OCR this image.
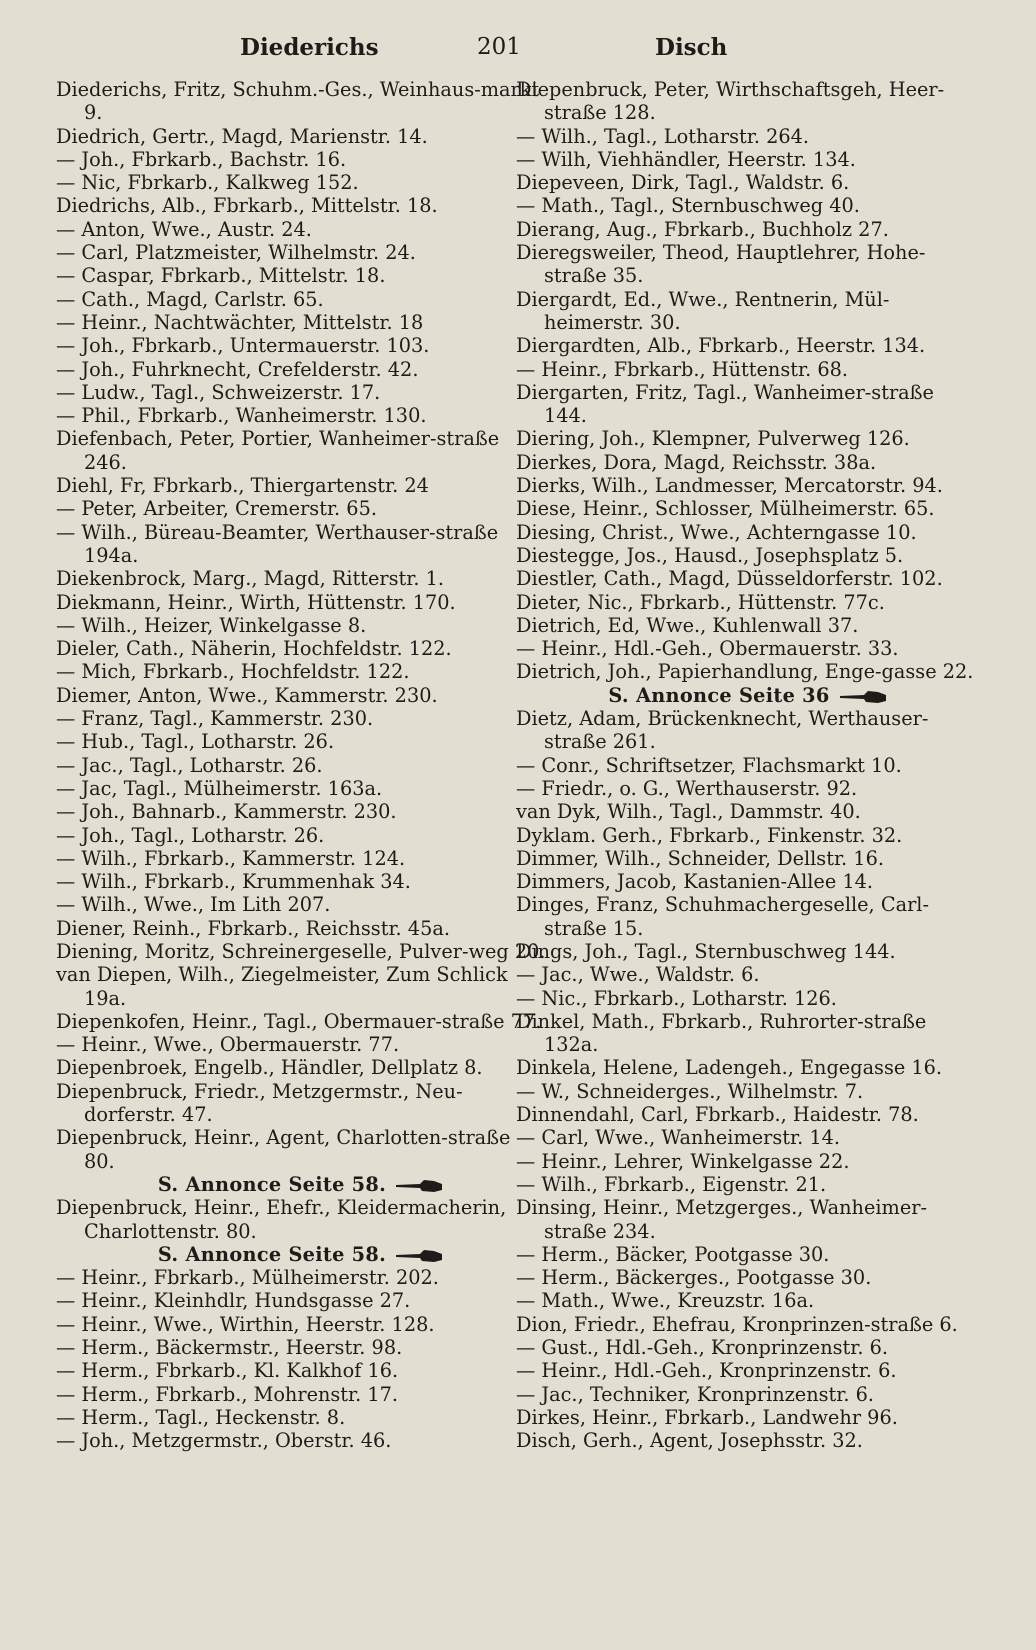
Diederichs	201	Disch

Diederichs, Fritz, Schuhm.-Ges., Weinhaus-markt 9.

Diedrich, Gertr., Magd, Marienstr. 14.

— Joh., Fbrkarb., Bachstr. 16.

— Nic, Fbrkarb., Kalkweg 152.

Diedrichs, Alb., Fbrkarb., Mittelstr. 18.

— Anton, Wwe., Austr. 24.

— Carl, Platzmeister, Wilhelmstr. 24.

— Caspar, Fbrkarb., Mittelstr. 18.

— Cath., Magd, Carlstr. 65.

— Heinr., Nachtwächter, Mittelstr. 18

— Joh., Fbrkarb., Untermauerstr. 103.

— Joh., Fuhrknecht, Crefelderstr. 42.

— Ludw., Tagl., Schweizerstr. 17.

— Phil., Fbrkarb., Wanheimerstr. 130.

Diefenbach, Peter, Portier, Wanheimer-straße 246.

Diehl, Fr, Fbrkarb., Thiergartenstr. 24

— Peter, Arbeiter, Cremerstr. 65.

— Wilh., Büreau-Beamter, Werthauser-straße 194a.

Diekenbrock, Marg., Magd, Ritterstr. 1.

Diekmann, Heinr., Wirth, Hüttenstr. 170.

— Wilh., Heizer, Winkelgasse 8.

Dieler, Cath., Näherin, Hochfeldstr. 122.

— Mich, Fbrkarb., Hochfeldstr. 122.

Diemer, Anton, Wwe., Kammerstr. 230.

— Franz, Tagl., Kammerstr. 230.

— Hub., Tagl., Lotharstr. 26.

— Jac., Tagl., Lotharstr. 26.

— Jac, Tagl., Mülheimerstr. 163a.

— Joh., Bahnarb., Kammerstr. 230.

— Joh., Tagl., Lotharstr. 26.

— Wilh., Fbrkarb., Kammerstr. 124.

— Wilh., Fbrkarb., Krummenhak 34.

— Wilh., Wwe., Im Lith 207.

Diener, Reinh., Fbrkarb., Reichsstr. 45a.

Diening, Moritz, Schreinergeselle, Pulver-weg 20.

van Diepen, Wilh., Ziegelmeister, Zum Schlick 19a.

Diepenkofen, Heinr., Tagl., Obermauer-straße 77.

— Heinr., Wwe., Obermauerstr. 77.

Diepenbroek, Engelb., Händler, Dellplatz 8.

Diepenbruck, Friedr., Metzgermstr., Neu-dorferstr. 47.

Diepenbruck, Heinr., Agent, Charlotten-straße 80.

S. Annonce Seite 58.

Diepenbruck, Heinr., Ehefr., Kleidermacherin, Charlottenstr. 80.

S. Annonce Seite 58.

— Heinr., Fbrkarb., Mülheimerstr. 202.

— Heinr., Kleinhdlr, Hundsgasse 27.

— Heinr., Wwe., Wirthin, Heerstr. 128.

— Herm., Bäckermstr., Heerstr. 98.

— Herm., Fbrkarb., Kl. Kalkhof 16.

— Herm., Fbrkarb., Mohrenstr. 17.

— Herm., Tagl., Heckenstr. 8.

— Joh., Metzgermstr., Oberstr. 46.

Diepenbruck, Peter, Wirthschaftsgeh, Heer-straße 128.

— Wilh., Tagl., Lotharstr. 264.

— Wilh, Viehhändler, Heerstr. 134.

Diepeveen, Dirk, Tagl., Waldstr. 6.

— Math., Tagl., Sternbuschweg 40.

Dierang, Aug., Fbrkarb., Buchholz 27.

Dieregsweiler, Theod, Hauptlehrer, Hohe-straße 35.

Diergardt, Ed., Wwe., Rentnerin, Mül-heimerstr. 30.

Diergardten, Alb., Fbrkarb., Heerstr. 134.

— Heinr., Fbrkarb., Hüttenstr. 68.

Diergarten, Fritz, Tagl., Wanheimer-straße 144.

Diering, Joh., Klempner, Pulverweg 126.

Dierkes, Dora, Magd, Reichsstr. 38a.

Dierks, Wilh., Landmesser, Mercatorstr. 94.

Diese, Heinr., Schlosser, Mülheimerstr. 65.

Diesing, Christ., Wwe., Achterngasse 10.

Diestegge, Jos., Hausd., Josephsplatz 5.

Diestler, Cath., Magd, Düsseldorferstr. 102.

Dieter, Nic., Fbrkarb., Hüttenstr. 77c.

Dietrich, Ed, Wwe., Kuhlenwall 37.

— Heinr., Hdl.-Geh., Obermauerstr. 33.

Dietrich, Joh., Papierhandlung, Enge-gasse 22.

S. Annonce Seite 36

Dietz, Adam, Brückenknecht, Werthauser-straße 261.

— Conr., Schriftsetzer, Flachsmarkt 10.

— Friedr., o. G., Werthauserstr. 92.

van Dyk, Wilh., Tagl., Dammstr. 40.

Dyklam. Gerh., Fbrkarb., Finkenstr. 32.

Dimmer, Wilh., Schneider, Dellstr. 16.

Dimmers, Jacob, Kastanien-Allee 14.

Dinges, Franz, Schuhmachergeselle, Carl-straße 15.

Dings, Joh., Tagl., Sternbuschweg 144.

— Jac., Wwe., Waldstr. 6.

— Nic., Fbrkarb., Lotharstr. 126.

Dinkel, Math., Fbrkarb., Ruhrorter-straße 132a.

Dinkela, Helene, Ladengeh., Engegasse 16.

— W., Schneiderges., Wilhelmstr. 7.

Dinnendahl, Carl, Fbrkarb., Haidestr. 78.

— Carl, Wwe., Wanheimerstr. 14.

— Heinr., Lehrer, Winkelgasse 22.

— Wilh., Fbrkarb., Eigenstr. 21.

Dinsing, Heinr., Metzgerges., Wanheimer-straße 234.

— Herm., Bäcker, Pootgasse 30.

— Herm., Bäckerges., Pootgasse 30.

— Math., Wwe., Kreuzstr. 16a.

Dion, Friedr., Ehefrau, Kronprinzen-straße 6.

— Gust., Hdl.-Geh., Kronprinzenstr. 6.

— Heinr., Hdl.-Geh., Kronprinzenstr. 6.

— Jac., Techniker, Kronprinzenstr. 6.

Dirkes, Heinr., Fbrkarb., Landwehr 96.

Disch, Gerh., Agent, Josephsstr. 32.
